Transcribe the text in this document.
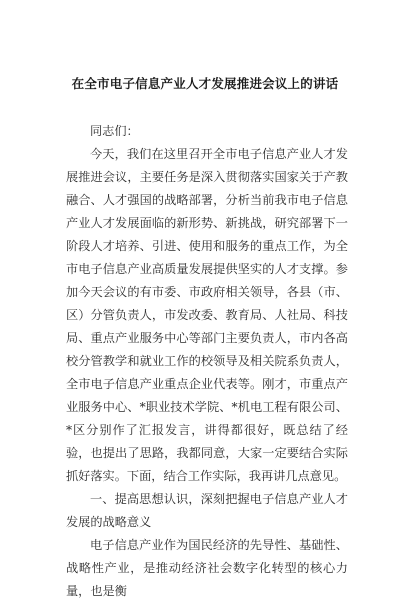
在全市电子信息产业人才发展推进会议上的讲话

同志们：

今天，我们在这里召开全市电子信息产业人才发展推进会议，主要任务是深入贯彻落实国家关于产教融合、人才强国的战略部署，分析当前我市电子信息产业人才发展面临的新形势、新挑战，研究部署下一阶段人才培养、引进、使用和服务的重点工作，为全市电子信息产业高质量发展提供坚实的人才支撑。参加今天会议的有市委、市政府相关领导，各县（市、区）分管负责人，市发改委、教育局、人社局、科技局、重点产业服务中心等部门主要负责人，市内各高校分管教学和就业工作的校领导及相关院系负责人，全市电子信息产业重点企业代表等。刚才，市重点产业服务中心、*职业技术学院、*机电工程有限公司、*区分别作了汇报发言，讲得都很好，既总结了经验，也提出了思路，我都同意，大家一定要结合实际抓好落实。下面，结合工作实际，我再讲几点意见。

一、提高思想认识，深刻把握电子信息产业人才发展的战略意义

电子信息产业作为国民经济的先导性、基础性、战略性产业，是推动经济社会数字化转型的核心力量，也是衡
